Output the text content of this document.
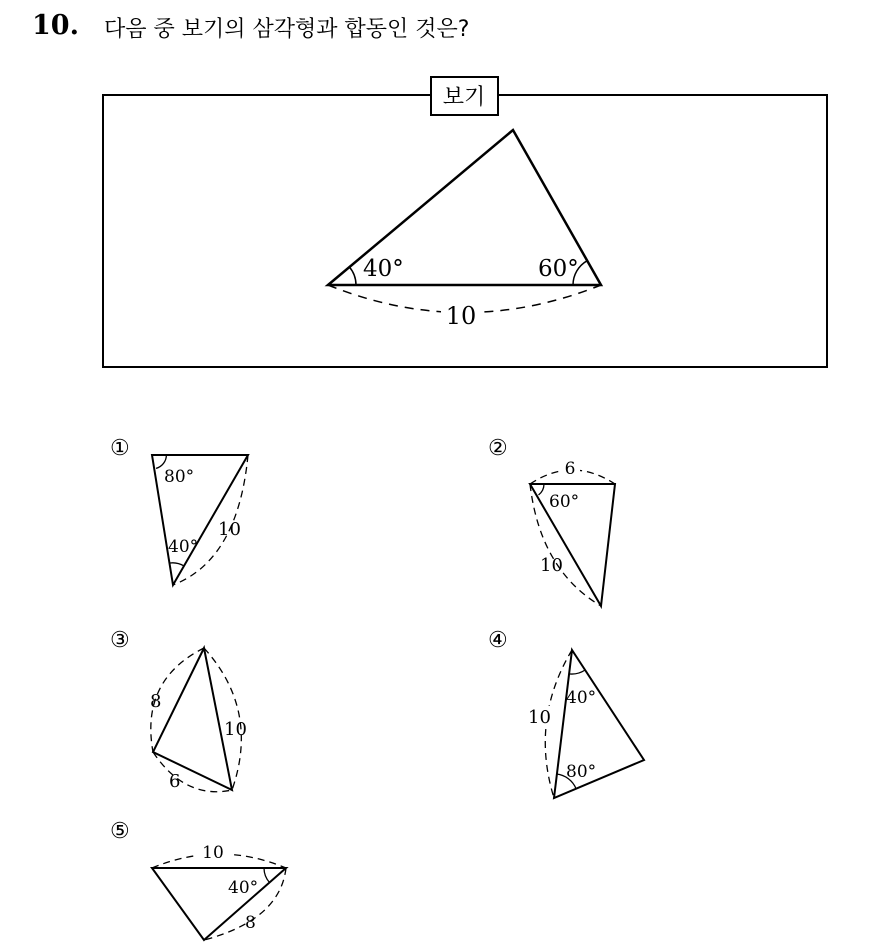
10. 다음 중 보기의 삼각형과 합동인 것은?
보기
40°	60°
10
①
80°
40°
10
②
6
60°
10
③
8
10
6
④
10
40°
80°
⑤
10
40°
8
